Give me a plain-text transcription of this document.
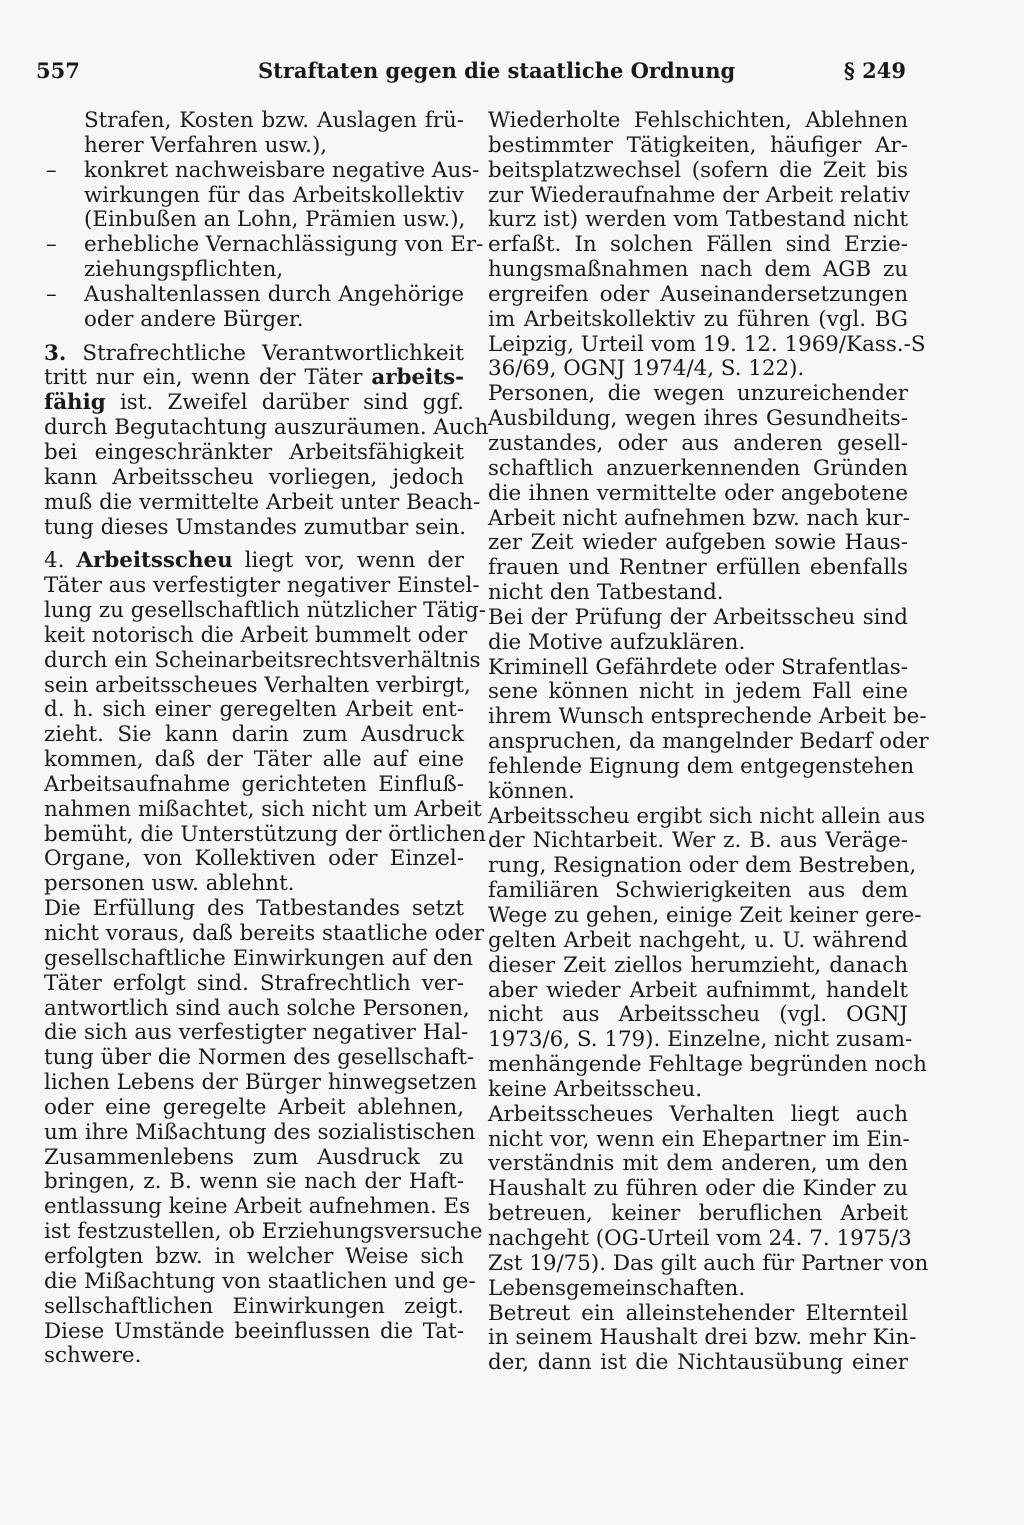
557	Straftaten gegen die staatliche Ordnung	§ 249
Strafen, Kosten bzw. Auslagen frü-
herer Verfahren usw.),
– konkret nachweisbare negative Aus-
wirkungen für das Arbeitskollektiv
(Einbußen an Lohn, Prämien usw.),
– erhebliche Vernachlässigung von Er-
ziehungspflichten,
– Aushaltenlassen durch Angehörige
oder andere Bürger.
3. Strafrechtliche Verantwortlichkeit
tritt nur ein, wenn der Täter arbeits-
fähig ist. Zweifel darüber sind ggf.
durch Begutachtung auszuräumen. Auch
bei eingeschränkter Arbeitsfähigkeit
kann Arbeitsscheu vorliegen, jedoch
muß die vermittelte Arbeit unter Beach-
tung dieses Umstandes zumutbar sein.
4. Arbeitsscheu liegt vor, wenn der
Täter aus verfestigter negativer Einstel-
lung zu gesellschaftlich nützlicher Tätig-
keit notorisch die Arbeit bummelt oder
durch ein Scheinarbeitsrechtsverhältnis
sein arbeitsscheues Verhalten verbirgt,
d. h. sich einer geregelten Arbeit ent-
zieht. Sie kann darin zum Ausdruck
kommen, daß der Täter alle auf eine
Arbeitsaufnahme gerichteten Einfluß-
nahmen mißachtet, sich nicht um Arbeit
bemüht, die Unterstützung der örtlichen
Organe, von Kollektiven oder Einzel-
personen usw. ablehnt.
Die Erfüllung des Tatbestandes setzt
nicht voraus, daß bereits staatliche oder
gesellschaftliche Einwirkungen auf den
Täter erfolgt sind. Strafrechtlich ver-
antwortlich sind auch solche Personen,
die sich aus verfestigter negativer Hal-
tung über die Normen des gesellschaft-
lichen Lebens der Bürger hinwegsetzen
oder eine geregelte Arbeit ablehnen,
um ihre Mißachtung des sozialistischen
Zusammenlebens zum Ausdruck zu
bringen, z. B. wenn sie nach der Haft-
entlassung keine Arbeit aufnehmen. Es
ist festzustellen, ob Erziehungsversuche
erfolgten bzw. in welcher Weise sich
die Mißachtung von staatlichen und ge-
sellschaftlichen Einwirkungen zeigt.
Diese Umstände beeinflussen die Tat-
schwere.
Wiederholte Fehlschichten, Ablehnen
bestimmter Tätigkeiten, häufiger Ar-
beitsplatzwechsel (sofern die Zeit bis
zur Wiederaufnahme der Arbeit relativ
kurz ist) werden vom Tatbestand nicht
erfaßt. In solchen Fällen sind Erzie-
hungsmaßnahmen nach dem AGB zu
ergreifen oder Auseinandersetzungen
im Arbeitskollektiv zu führen (vgl. BG
Leipzig, Urteil vom 19. 12. 1969/Kass.-S
36/69, OGNJ 1974/4, S. 122).
Personen, die wegen unzureichender
Ausbildung, wegen ihres Gesundheits-
zustandes, oder aus anderen gesell-
schaftlich anzuerkennenden Gründen
die ihnen vermittelte oder angebotene
Arbeit nicht aufnehmen bzw. nach kur-
zer Zeit wieder aufgeben sowie Haus-
frauen und Rentner erfüllen ebenfalls
nicht den Tatbestand.
Bei der Prüfung der Arbeitsscheu sind
die Motive aufzuklären.
Kriminell Gefährdete oder Strafentlas-
sene können nicht in jedem Fall eine
ihrem Wunsch entsprechende Arbeit be-
anspruchen, da mangelnder Bedarf oder
fehlende Eignung dem entgegenstehen
können.
Arbeitsscheu ergibt sich nicht allein aus
der Nichtarbeit. Wer z. B. aus Veräge-
rung, Resignation oder dem Bestreben,
familiären Schwierigkeiten aus dem
Wege zu gehen, einige Zeit keiner gere-
gelten Arbeit nachgeht, u. U. während
dieser Zeit ziellos herumzieht, danach
aber wieder Arbeit aufnimmt, handelt
nicht aus Arbeitsscheu (vgl. OGNJ
1973/6, S. 179). Einzelne, nicht zusam-
menhängende Fehltage begründen noch
keine Arbeitsscheu.
Arbeitsscheues Verhalten liegt auch
nicht vor, wenn ein Ehepartner im Ein-
verständnis mit dem anderen, um den
Haushalt zu führen oder die Kinder zu
betreuen, keiner beruflichen Arbeit
nachgeht (OG-Urteil vom 24. 7. 1975/3
Zst 19/75). Das gilt auch für Partner von
Lebensgemeinschaften.
Betreut ein alleinstehender Elternteil
in seinem Haushalt drei bzw. mehr Kin-
der, dann ist die Nichtausübung einer
